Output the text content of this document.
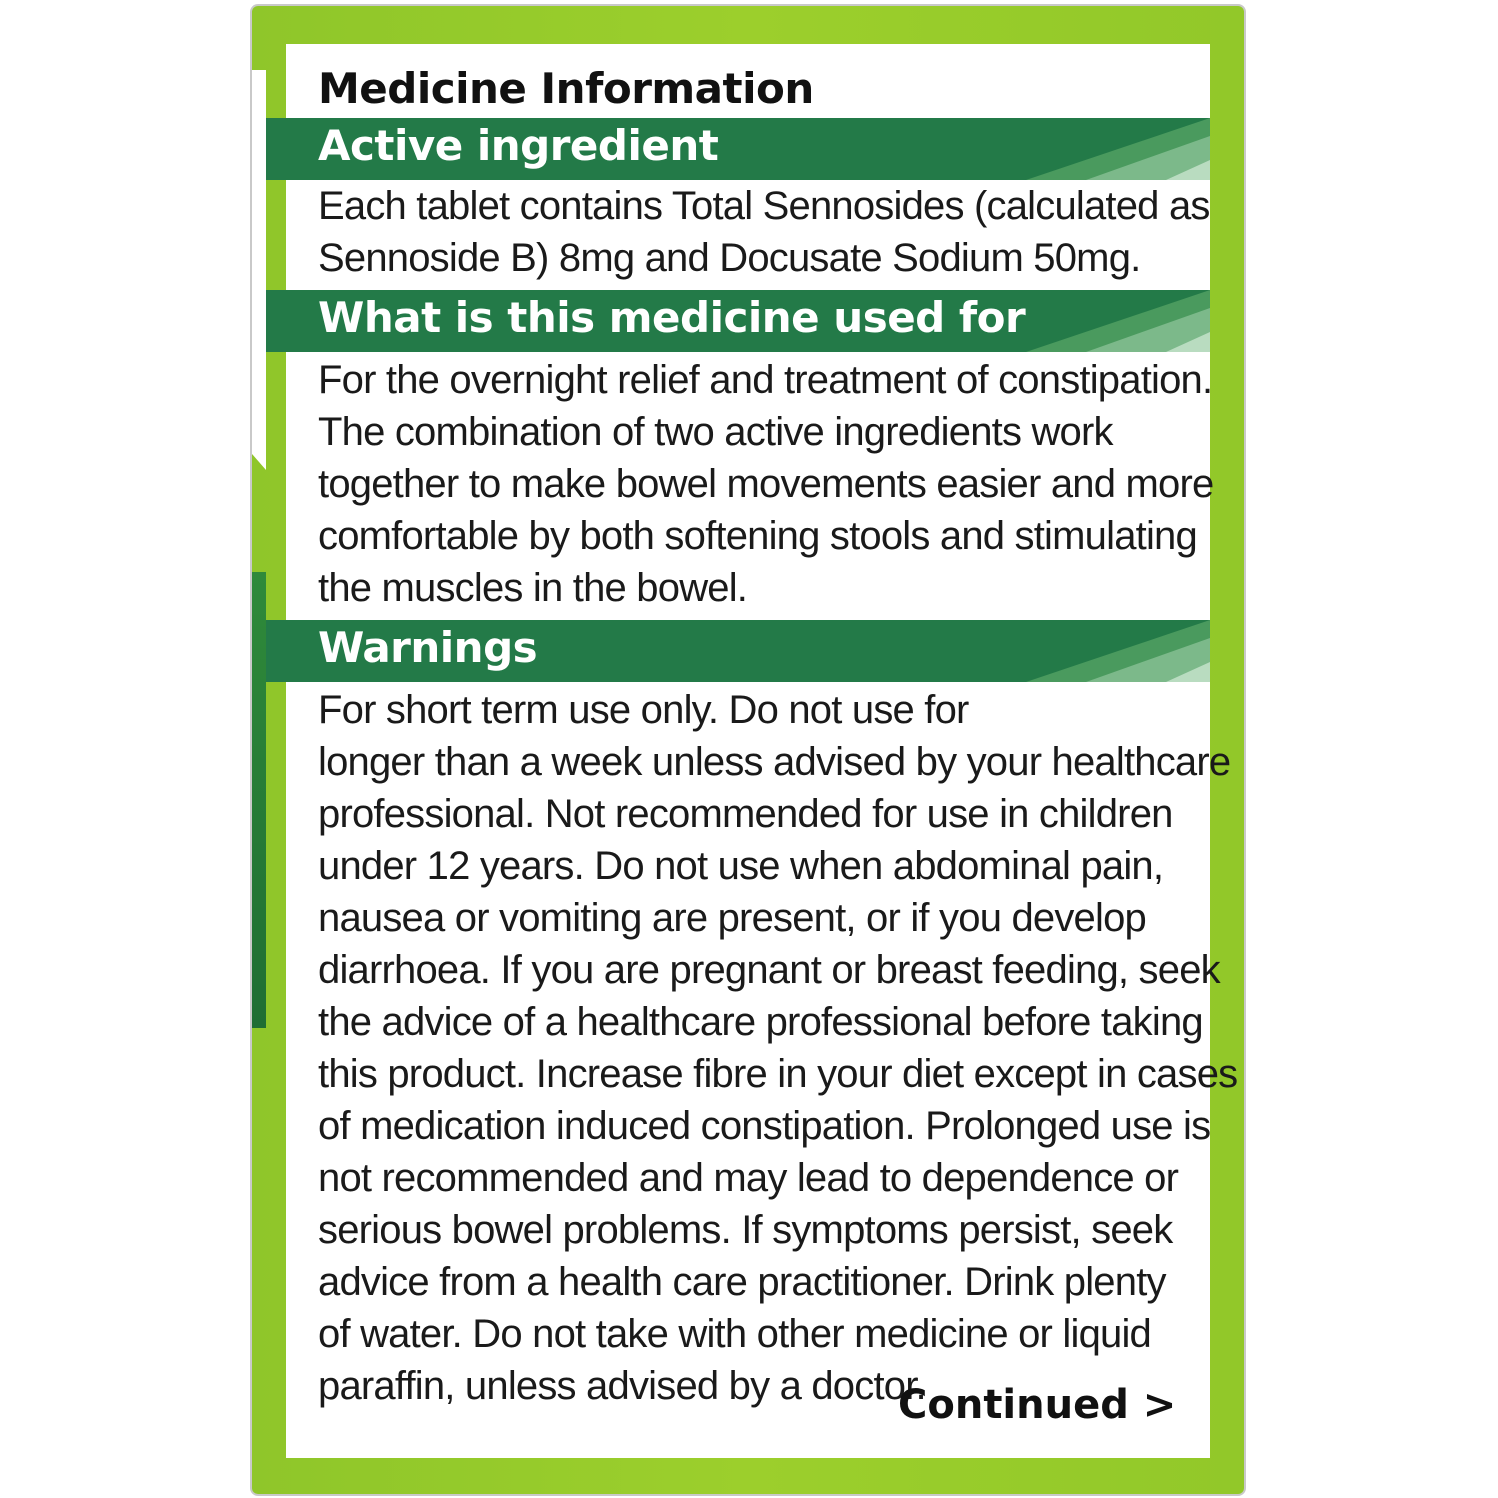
Medicine Information
Active ingredient

Each tablet contains Total Sennosides (calculated as
Sennoside B) 8mg and Docusate Sodium 50mg.

What is this medicine used for

For the overnight relief and treatment of constipation.
The combination of two active ingredients work
together to make bowel movements easier and more
comfortable by both softening stools and stimulating
the muscles in the bowel.

Warnings

For short term use only. Do not use for
longer than a week unless advised by your healthcare
professional. Not recommended for use in children
under 12 years. Do not use when abdominal pain,
nausea or vomiting are present, or if you develop
diarrhoea. If you are pregnant or breast feeding, seek
the advice of a healthcare professional before taking
this product. Increase fibre in your diet except in cases
of medication induced constipation. Prolonged use is
not recommended and may lead to dependence or
serious bowel problems. If symptoms persist, seek
advice from a health care practitioner. Drink plenty
of water. Do not take with other medicine or liquid
paraffin, unless advised by a doctor.

Continued >
